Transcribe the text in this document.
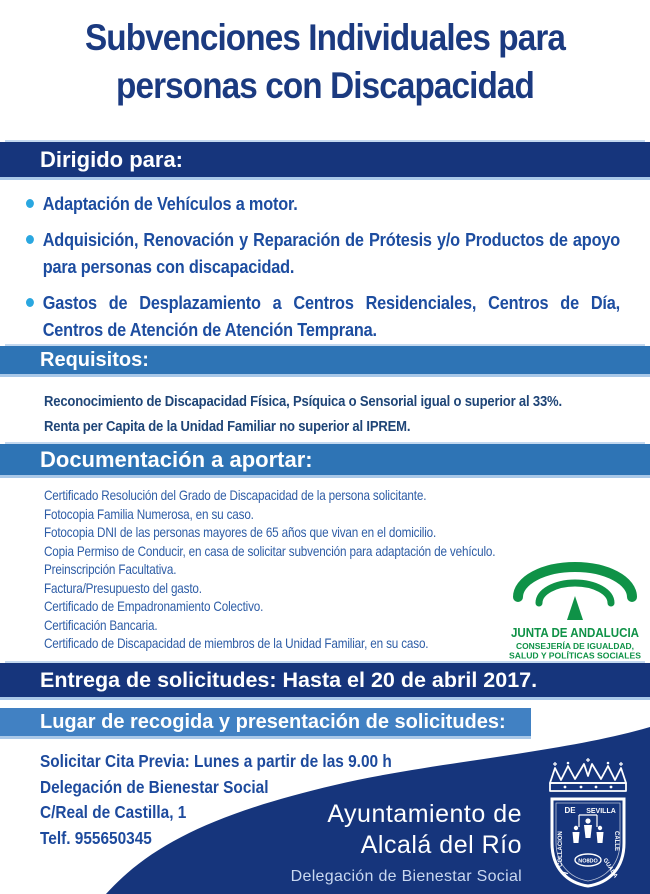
Subvenciones Individuales para
personas con Discapacidad
Dirigido para:
Adaptación de Vehículos a motor.
Adquisición, Renovación y Reparación de Prótesis y/o Productos de apoyo para personas con discapacidad.
Gastos de Desplazamiento a Centros Residenciales, Centros de Día, Centros de Atención de Atención Temprana.
Requisitos:
Reconocimiento de Discapacidad Física, Psíquica o Sensorial igual o superior al 33%.
Renta per Capita de la Unidad Familiar no superior al IPREM.
Documentación a aportar:
Certificado Resolución del Grado de Discapacidad de la persona solicitante.
Fotocopia Familia Numerosa, en su caso.
Fotocopia DNI de las personas mayores de 65 años que vivan en el domicilio.
Copia Permiso de Conducir, en casa de solicitar subvención para adaptación de vehículo.
Preinscripción Facultativa.
Factura/Presupuesto del gasto.
Certificado de Empadronamiento Colectivo.
Certificación Bancaria.
Certificado de Discapacidad de miembros de la Unidad Familiar, en su caso.
JUNTA DE ANDALUCIA
CONSEJERÍA DE IGUALDAD,
SALUD Y POLÍTICAS SOCIALES
Entrega de solicitudes: Hasta el 20 de abril 2017.
Lugar de recogida y presentación de solicitudes:
Solicitar Cita Previa: Lunes a partir de las 9.00 h
Delegación de Bienestar Social
C/Real de Castilla, 1
Telf. 955650345
Ayuntamiento de
Alcalá del Río
Delegación de Bienestar Social
DE SEVILLA
COLLACION	CALLE
GUADA
A
NO8DO
